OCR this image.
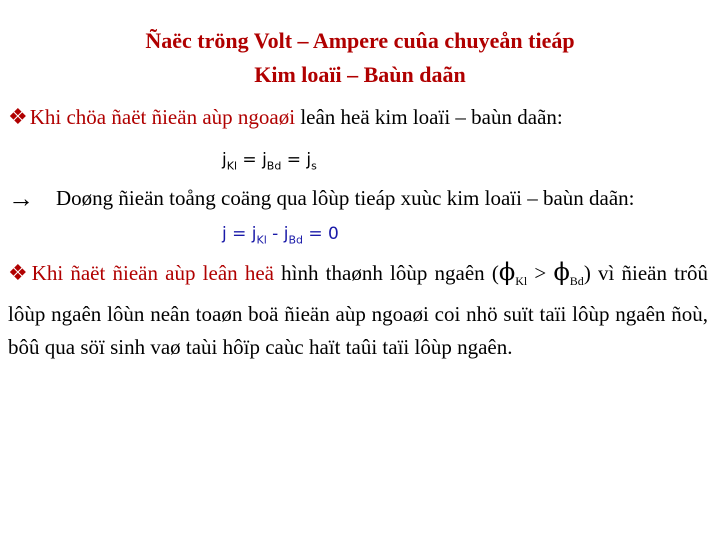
Ñaëc tröng Volt – Ampere cuûa chuyeån tieáp
Kim loaïi – Baùn daãn
❖Khi chöa ñaët ñieän aùp ngoaøi leân heä kim loaïi – baùn daãn:
$j_{Kl} = j_{Bd} = j_s$
→ Doøng ñieän toång coäng qua lôùp tieáp xuùc kim loaïi – baùn daãn:
$j = j_{Kl} - j_{Bd} = 0$
❖Khi ñaët ñieän aùp leân heä hình thaønh lôùp ngaên $(\phi_{Kl} > \phi_{Bd})$ vì ñieän trôû lôùp ngaên lôùn neân toaøn boä ñieän aùp ngoaøi coi nhö suït taïi lôùp ngaên ñoù, bôû qua söï sinh vaø taùi hôïp caùc haït taûi taïi lôùp ngaên.
